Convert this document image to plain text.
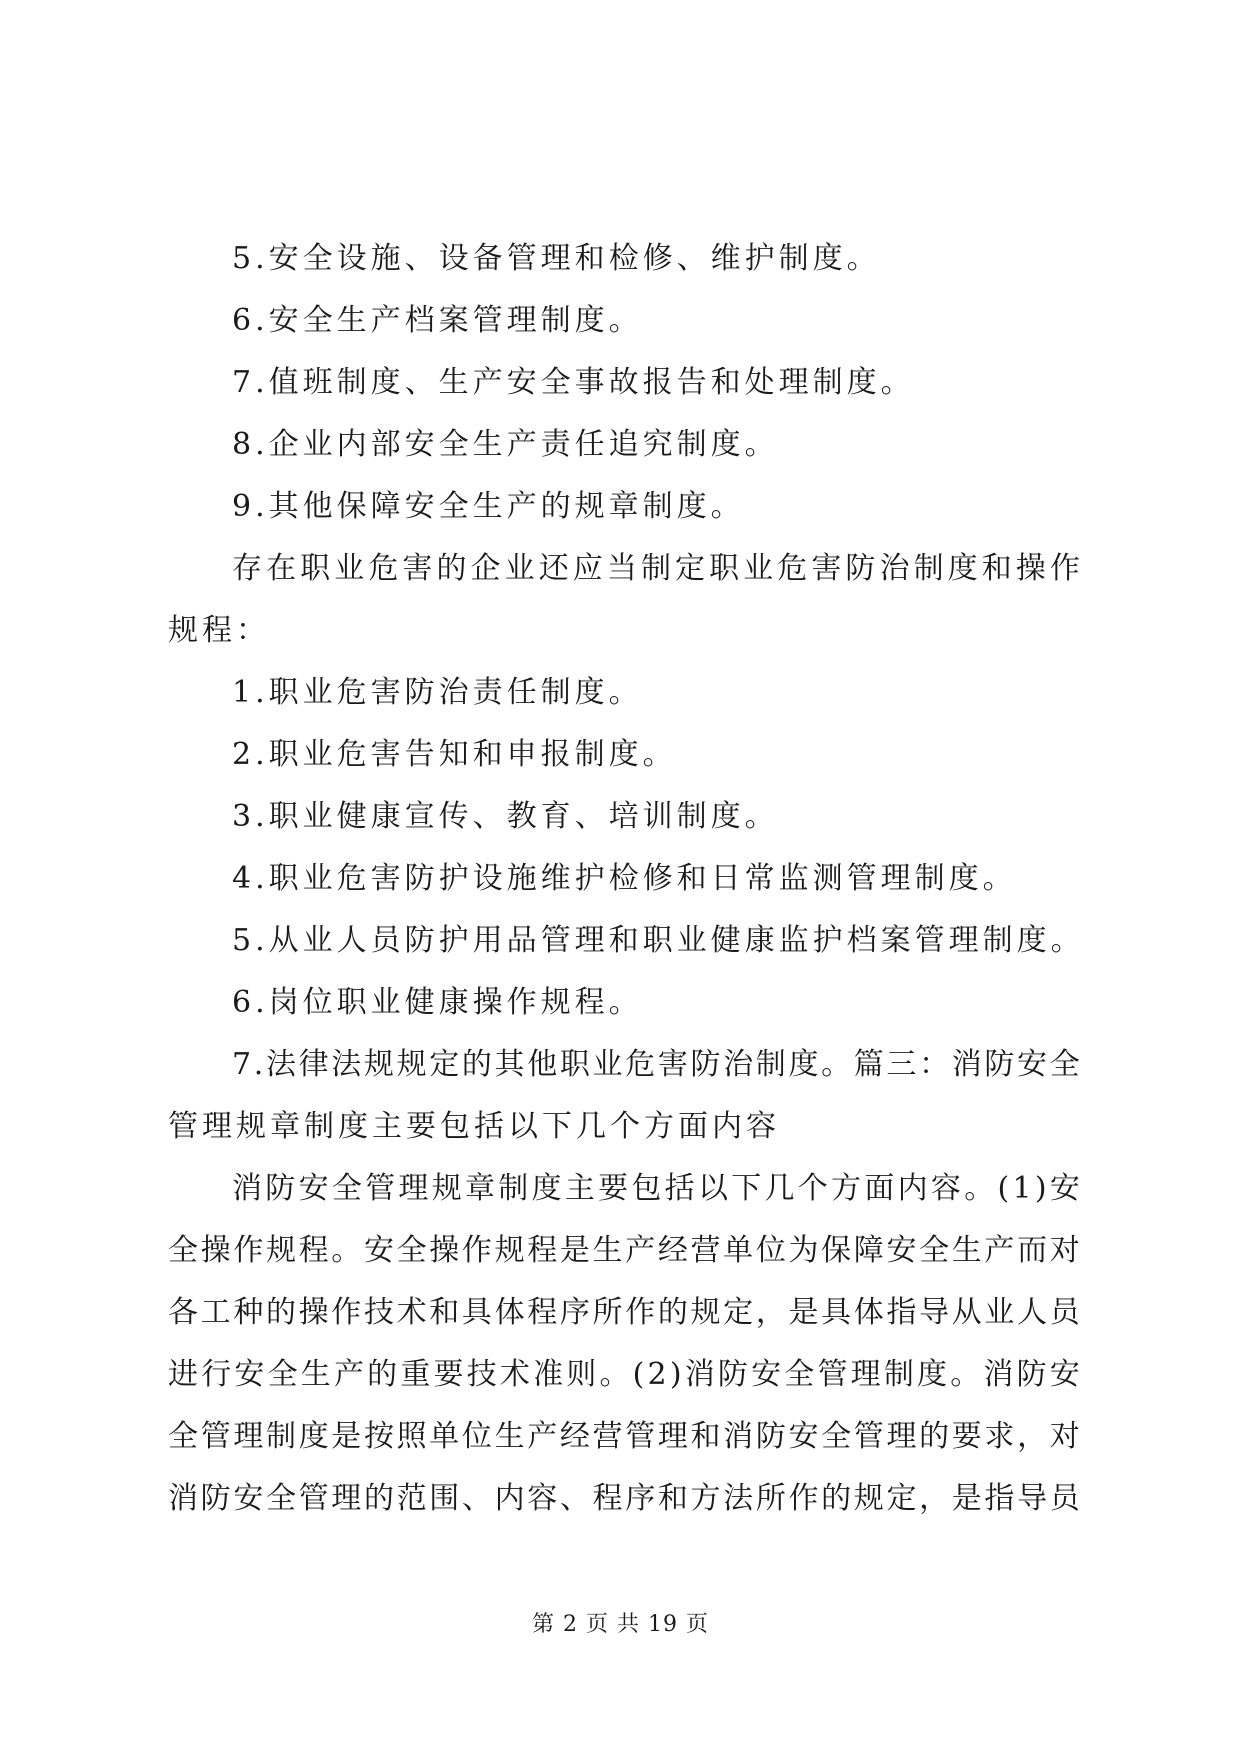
5.安全设施、设备管理和检修、维护制度。
6.安全生产档案管理制度。
7.值班制度、生产安全事故报告和处理制度。
8.企业内部安全生产责任追究制度。
9.其他保障安全生产的规章制度。
存 在 职 业 危 害 的 企 业 还 应 当 制 定 职 业 危 害 防 治 制 度 和 操 作
规程：
1.职业危害防治责任制度。
2.职业危害告知和申报制度。
3.职业健康宣传、教育、培训制度。
4.职业危害防护设施维护检修和日常监测管理制度。
5.从业人员防护用品管理和职业健康监护档案管理制度。
6.岗位职业健康操作规程。
7 . 法 律 法 规 规 定 的 其 他 职 业 危 害 防 治 制 度 。 篇 三 ： 消 防 安 全
管理规章制度主要包括以下几个方面内容
消 防 安 全 管 理 规 章 制 度 主 要 包 括 以 下 几 个 方 面 内 容 。 ( 1 ) 安
全 操 作 规 程 。 安 全 操 作 规 程 是 生 产 经 营 单 位 为 保 障 安 全 生 产 而 对
各 工 种 的 操 作 技 术 和 具 体 程 序 所 作 的 规 定 ， 是 具 体 指 导 从 业 人 员
进 行 安 全 生 产 的 重 要 技 术 准 则 。 ( 2 ) 消 防 安 全 管 理 制 度 。 消 防 安
全 管 理 制 度 是 按 照 单 位 生 产 经 营 管 理 和 消 防 安 全 管 理 的 要 求 ， 对
消 防 安 全 管 理 的 范 围 、 内 容 、 程 序 和 方 法 所 作 的 规 定 ， 是 指 导 员
第 2 页 共 19 页
